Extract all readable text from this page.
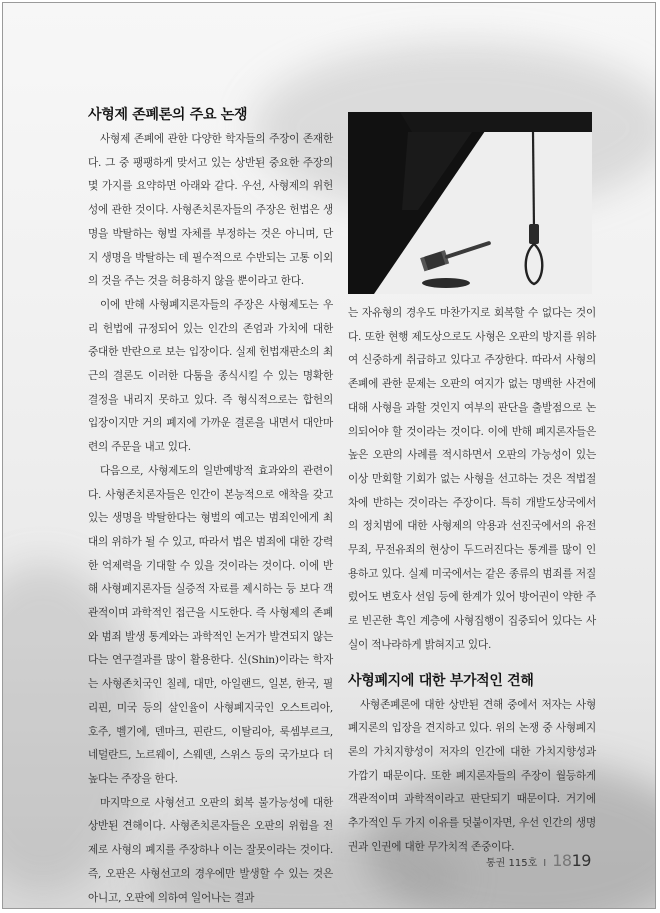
사형제 존폐론의 주요 논쟁

사형제 존폐에 관한 다양한 학자들의 주장이 존재한다. 그 중 팽팽하게 맞서고 있는 상반된 중요한 주장의 몇 가지를 요약하면 아래와 같다. 우선, 사형제의 위헌성에 관한 것이다. 사형존치론자들의 주장은 헌법은 생명을 박탈하는 형벌 자체를 부정하는 것은 아니며, 단지 생명을 박탈하는 데 필수적으로 수반되는 고통 이외의 것을 주는 것을 허용하지 않을 뿐이라고 한다.

이에 반해 사형폐지론자들의 주장은 사형제도는 우리 헌법에 규정되어 있는 인간의 존엄과 가치에 대한 중대한 반란으로 보는 입장이다. 실제 헌법재판소의 최근의 결론도 이러한 다툼을 종식시킬 수 있는 명확한 결정을 내리지 못하고 있다. 즉 형식적으로는 합헌의 입장이지만 거의 폐지에 가까운 결론을 내면서 대안마련의 주문을 내고 있다.

다음으로, 사형제도의 일반예방적 효과와의 관련이다. 사형존치론자들은 인간이 본능적으로 애착을 갖고 있는 생명을 박탈한다는 형벌의 예고는 범죄인에게 최대의 위하가 될 수 있고, 따라서 법은 범죄에 대한 강력한 억제력을 기대할 수 있을 것이라는 것이다. 이에 반해 사형폐지론자들 실증적 자료를 제시하는 등 보다 객관적이며 과학적인 접근을 시도한다. 즉 사형제의 존폐와 범죄 발생 통계와는 과학적인 논거가 발견되지 않는다는 연구결과를 많이 활용한다. 신(Shin)이라는 학자는 사형존치국인 칠레, 대만, 아일랜드, 일본, 한국, 필리핀, 미국 등의 살인율이 사형폐지국인 오스트리아, 호주, 벨기에, 덴마크, 핀란드, 이탈리아, 룩셈부르크, 네덜란드, 노르웨이, 스웨덴, 스위스 등의 국가보다 더 높다는 주장을 한다.

마지막으로 사형선고 오판의 회복 불가능성에 대한 상반된 견해이다. 사형존치론자들은 오판의 위험을 전제로 사형의 폐지를 주장하나 이는 잘못이라는 것이다. 즉, 오판은 사형선고의 경우에만 발생할 수 있는 것은 아니고, 오판에 의하여 일어나는 결과

는 자유형의 경우도 마찬가지로 회복할 수 없다는 것이다. 또한 현행 제도상으로도 사형은 오판의 방지를 위하여 신중하게 취급하고 있다고 주장한다. 따라서 사형의 존폐에 관한 문제는 오판의 여지가 없는 명백한 사건에 대해 사형을 과할 것인지 여부의 판단을 출발점으로 논의되어야 할 것이라는 것이다. 이에 반해 폐지론자들은 높은 오판의 사례를 적시하면서 오판의 가능성이 있는 이상 만회할 기회가 없는 사형을 선고하는 것은 적법절차에 반하는 것이라는 주장이다. 특히 개발도상국에서의 정치범에 대한 사형제의 악용과 선진국에서의 유전무죄, 무전유죄의 현상이 두드러진다는 통계를 많이 인용하고 있다. 실제 미국에서는 같은 종류의 범죄를 저질렀어도 변호사 선임 등에 한계가 있어 방어권이 약한 주로 빈곤한 흑인 계층에 사형집행이 집중되어 있다는 사실이 적나라하게 밝혀지고 있다.

사형폐지에 대한 부가적인 견해

사형존폐론에 대한 상반된 견해 중에서 저자는 사형폐지론의 입장을 견지하고 있다. 위의 논쟁 중 사형폐지론의 가치지향성이 저자의 인간에 대한 가치지향성과 가깝기 때문이다. 또한 폐지론자들의 주장이 월등하게 객관적이며 과학적이라고 판단되기 때문이다. 거기에 추가적인 두 가지 이유를 덧붙이자면, 우선 인간의 생명권과 인권에 대한 무가치적 존중이다.

통권 115호 I 1819
